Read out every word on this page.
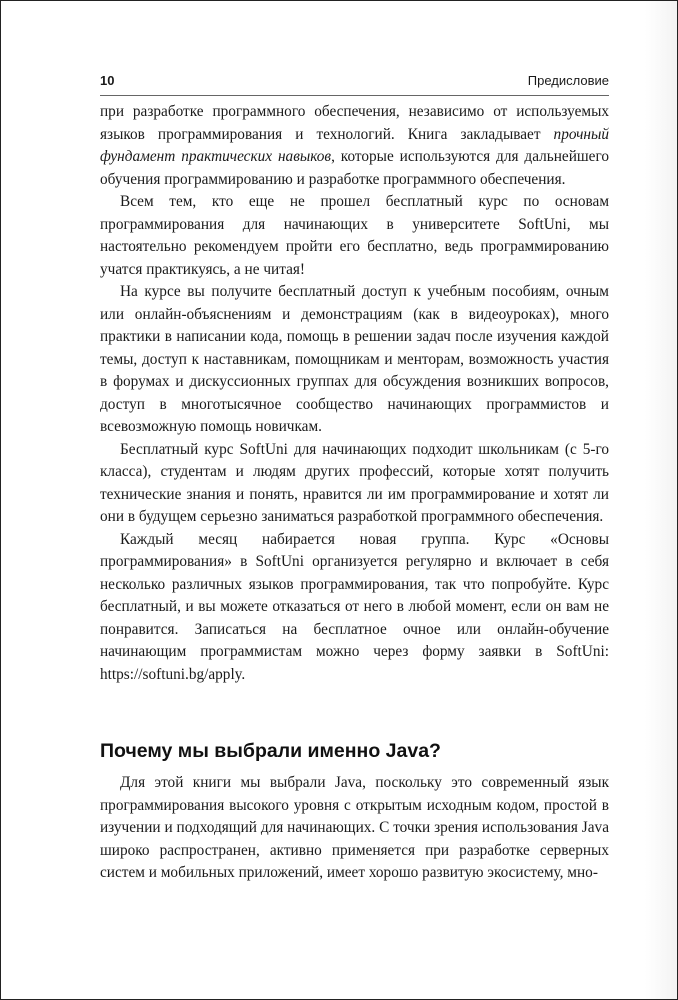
10	Предисловие

при разработке программного обеспечения, независимо от используемых языков программирования и технологий. Книга закладывает прочный фундамент практических навыков, которые используются для дальнейшего обучения программированию и разработке программного обеспечения.

Всем тем, кто еще не прошел бесплатный курс по основам программирования для начинающих в университете SoftUni, мы настоятельно рекомендуем пройти его бесплатно, ведь программированию учатся практикуясь, а не читая!

На курсе вы получите бесплатный доступ к учебным пособиям, очным или онлайн-объяснениям и демонстрациям (как в видеоуроках), много практики в написании кода, помощь в решении задач после изучения каждой темы, доступ к наставникам, помощникам и менторам, возможность участия в форумах и дискуссионных группах для обсуждения возникших вопросов, доступ в многотысячное сообщество начинающих программистов и всевозможную помощь новичкам.

Бесплатный курс SoftUni для начинающих подходит школьникам (с 5-го класса), студентам и людям других профессий, которые хотят получить технические знания и понять, нравится ли им программирование и хотят ли они в будущем серьезно заниматься разработкой программного обеспечения.

Каждый месяц набирается новая группа. Курс «Основы программирования» в SoftUni организуется регулярно и включает в себя несколько различных языков программирования, так что попробуйте. Курс бесплатный, и вы можете отказаться от него в любой момент, если он вам не понравится. Записаться на бесплатное очное или онлайн-обучение начинающим программистам можно через форму заявки в SoftUni: https://softuni.bg/apply.

Почему мы выбрали именно Java?

Для этой книги мы выбрали Java, поскольку это современный язык программирования высокого уровня с открытым исходным кодом, простой в изучении и подходящий для начинающих. С точки зрения использования Java широко распространен, активно применяется при разработке серверных систем и мобильных приложений, имеет хорошо развитую экосистему, мно-
